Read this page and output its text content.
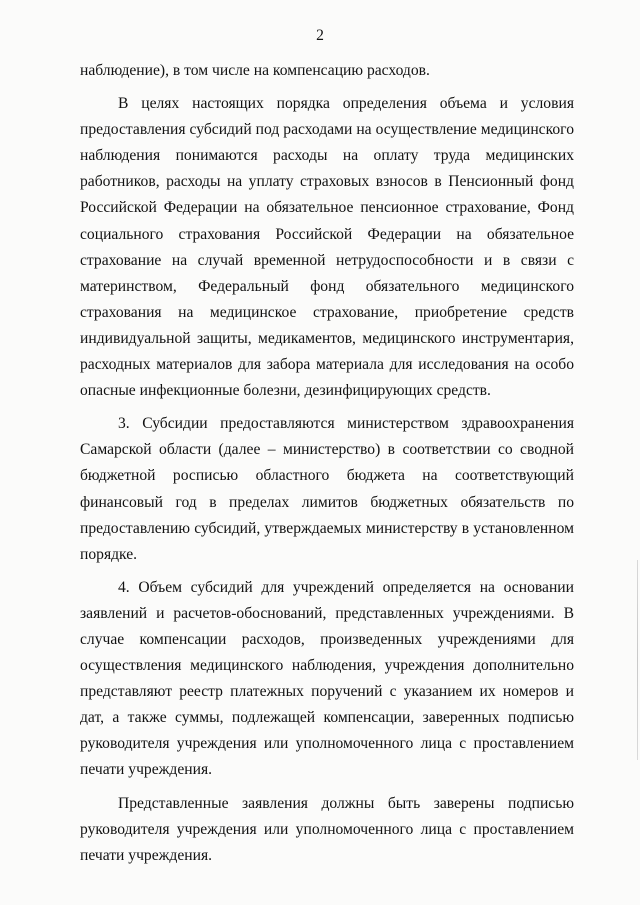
2

наблюдение), в том числе на компенсацию расходов.

В целях настоящих порядка определения объема и условия предоставления субсидий под расходами на осуществление медицинского наблюдения понимаются расходы на оплату труда медицинских работников, расходы на уплату страховых взносов в Пенсионный фонд Российской Федерации на обязательное пенсионное страхование, Фонд социального страхования Российской Федерации на обязательное страхование на случай временной нетрудоспособности и в связи с материнством, Федеральный фонд обязательного медицинского страхования на медицинское страхование, приобретение средств индивидуальной защиты, медикаментов, медицинского инструментария, расходных материалов для забора материала для исследования на особо опасные инфекционные болезни, дезинфицирующих средств.

3. Субсидии предоставляются министерством здравоохранения Самарской области (далее – министерство) в соответствии со сводной бюджетной росписью областного бюджета на соответствующий финансовый год в пределах лимитов бюджетных обязательств по предоставлению субсидий, утверждаемых министерству в установленном порядке.

4. Объем субсидий для учреждений определяется на основании заявлений и расчетов-обоснований, представленных учреждениями. В случае компенсации расходов, произведенных учреждениями для осуществления медицинского наблюдения, учреждения дополнительно представляют реестр платежных поручений с указанием их номеров и дат, а также суммы, подлежащей компенсации, заверенных подписью руководителя учреждения или уполномоченного лица с проставлением печати учреждения.

Представленные заявления должны быть заверены подписью руководителя учреждения или уполномоченного лица с проставлением печати учреждения.
